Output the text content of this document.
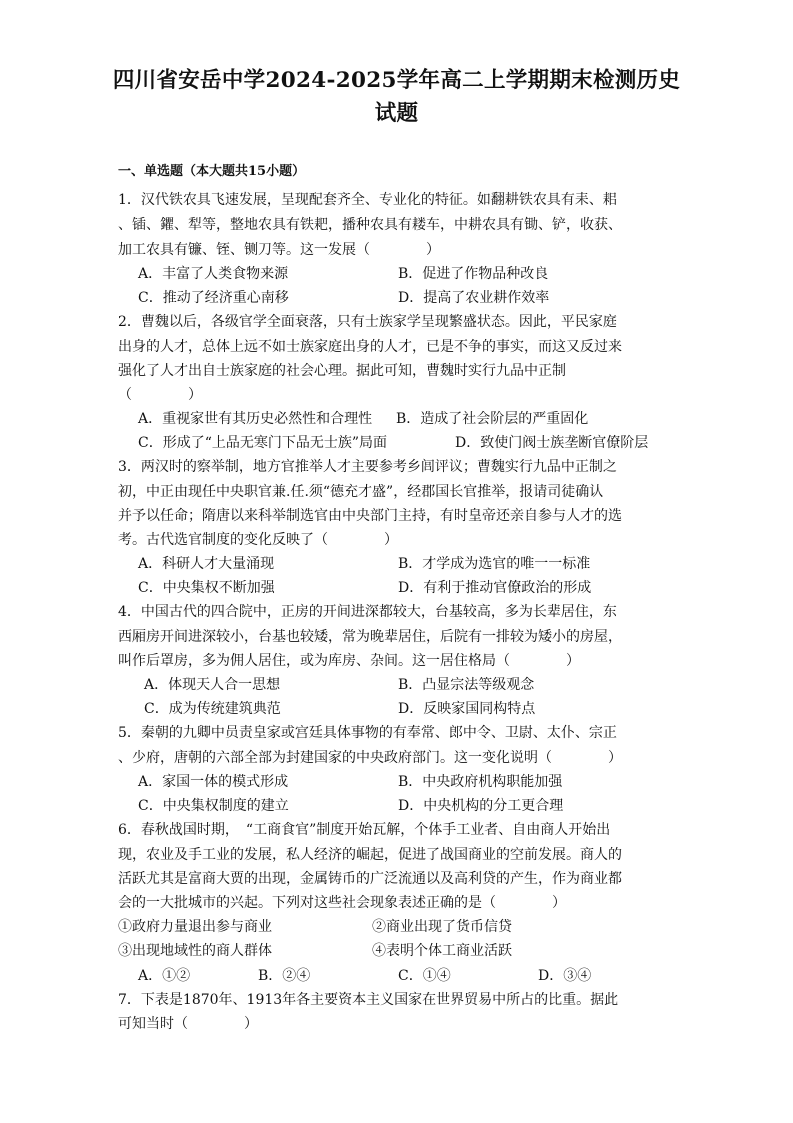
四川省安岳中学2024-2025学年高二上学期期末检测历史
试题
一、单选题（本大题共15小题）
1．汉代铁农具飞速发展，呈现配套齐全、专业化的特征。如翻耕铁农具有耒、耜
、锸、鑺、犁等，整地农具有铁耙，播种农具有耧车，中耕农具有锄、铲，收获、
加工农具有镰、铚、铡刀等。这一发展（　　　　）
A．丰富了人类食物来源	B．促进了作物品种改良
C．推动了经济重心南移	D．提高了农业耕作效率
2．曹魏以后，各级官学全面衰落，只有士族家学呈现繁盛状态。因此，平民家庭
出身的人才，总体上远不如士族家庭出身的人才，已是不争的事实，而这又反过来
强化了人才出自士族家庭的社会心理。据此可知，曹魏时实行九品中正制
（　　　　）
A．重视家世有其历史必然性和合理性 B．造成了社会阶层的严重固化
C．形成了“上品无寒门下品无士族”局面	D．致使门阀士族垄断官僚阶层
3．两汉时的察举制，地方官推举人才主要参考乡闾评议；曹魏实行九品中正制之
初，中正由现任中央职官兼.任.须“德充才盛”，经郡国长官推举，报请司徒确认
并予以任命；隋唐以来科举制选官由中央部门主持，有时皇帝还亲自参与人才的选
考。古代选官制度的变化反映了（　　　　）
A．科研人才大量涌现	B．才学成为选官的唯一一标准
C．中央集权不断加强	D．有利于推动官僚政治的形成
4．中国古代的四合院中，正房的开间进深都较大，台基较高，多为长辈居住，东
西厢房开间进深较小，台基也较矮，常为晚辈居住，后院有一排较为矮小的房屋，
叫作后罩房，多为佣人居住，或为库房、杂间。这一居住格局（　　　　）
A．体现天人合一思想	B．凸显宗法等级观念
C．成为传统建筑典范	D．反映家国同构特点
5．秦朝的九卿中员责皇家或宫廷具体事物的有奉常、郎中令、卫尉、太仆、宗正
、少府，唐朝的六部全部为封建国家的中央政府部门。这一变化说明（　　　　）
A．家国一体的模式形成	B．中央政府机构职能加强
C．中央集权制度的建立	D．中央机构的分工更合理
6．春秋战国时期，　“工商食官”制度开始瓦解，个体手工业者、自由商人开始出
现，农业及手工业的发展，私人经济的崛起，促进了战国商业的空前发展。商人的
活跃尤其是富商大贾的出现，金属铸币的广泛流通以及高利贷的产生，作为商业都
会的一大批城市的兴起。下列对这些社会现象表述正确的是（　　　　）
①政府力量退出参与商业	②商业出现了货币信贷
③出现地域性的商人群体	④表明个体工商业活跃
A．①②	B．②④	C．①④	D．③④
7．下表是1870年、1913年各主要资本主义国家在世界贸易中所占的比重。据此
可知当时（　　　　）
